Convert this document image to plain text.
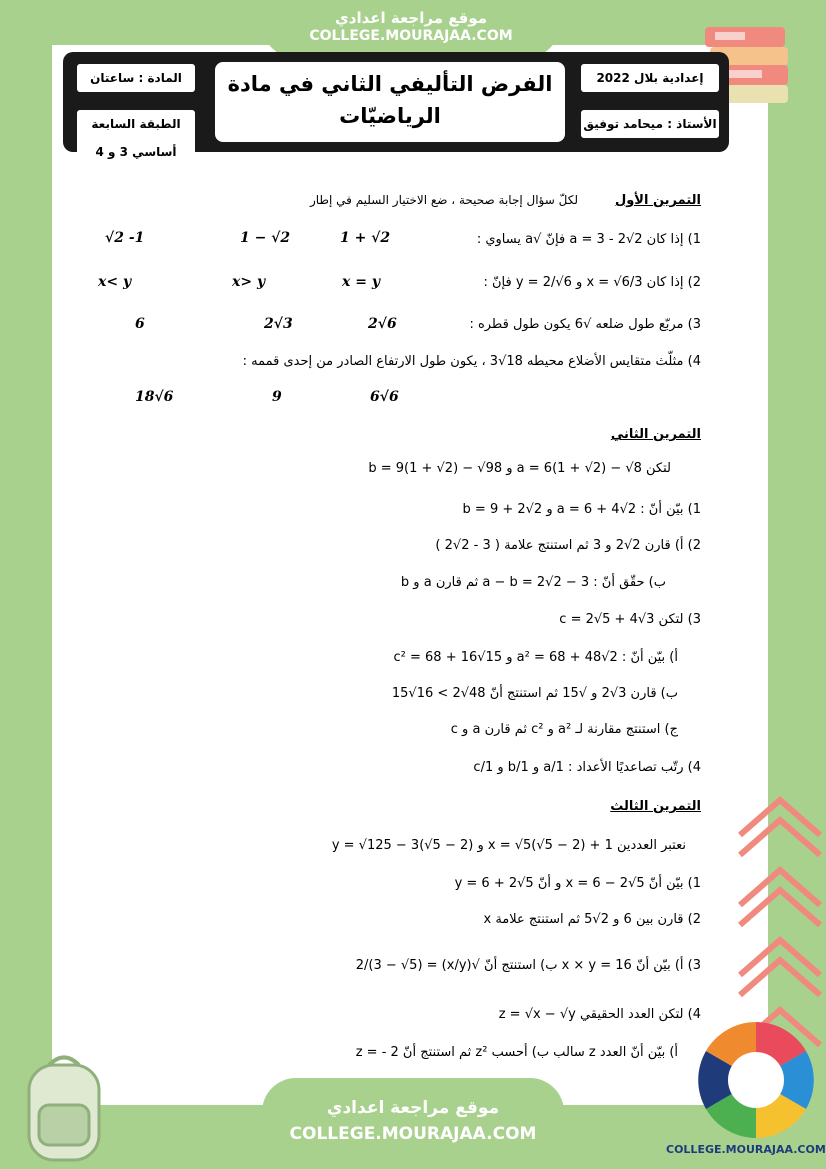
موقع مراجعة اعدادي
COLLEGE.MOURAJAA.COM
المادة : ساعتان
الطبقة السابعة أساسي 3 و 4
الفرض التأليفي الثاني في مادة
الرياضيّات
إعدادية بلال 2022
الأستاذ : ميحامد توفيق
التمرين الأول
لكلّ سؤال إجابة صحيحة ، ضع الاختيار السليم في إطار
1) إذا كان a = 3 - 2√2 فإنّ √a يساوي :
1 + √2
1 − √2
√2 -1
2) إذا كان x = √6/3 و y = 2/√6 فإنّ :
x = y
x> y
x< y
3) مربّع طول ضلعه √6 يكون طول قطره :
2√6
2√3
6
4) مثلّث متقايس الأضلاع محيطه 18√3 ، يكون طول الارتفاع الصادر من إحدى قممه :
6√6
9
18√6
التمرين الثاني
لتكن a = 6(1 + √2) − √8 و b = 9(1 + √2) − √98
1) بيّن أنّ : a = 6 + 4√2 و b = 9 + 2√2
2) أ) قارن 2√2 و 3 ثم استنتج علامة ( 3 - 2√2 )
ب) حقّق أنّ : a − b = 2√2 − 3 ثم قارن a و b
3) لتكن c = 2√5 + 4√3
أ) بيّن أنّ : a² = 68 + 48√2 و c² = 68 + 16√15
ب) قارن 3√2 و √15 ثم استنتج أنّ 48√2 > 16√15
ج) استنتج مقارنة لـ a² و c² ثم قارن a و c
4) رتّب تصاعديًا الأعداد : 1/a و 1/b و 1/c
التمرين الثالث
نعتبر العددين x = √5(√5 − 2) + 1 و y = √125 − 3(√5 − 2)
1) بيّن أنّ x = 6 − 2√5 و أنّ y = 6 + 2√5
2) قارن بين 6 و 2√5 ثم استنتج علامة x
3) أ) بيّن أنّ x × y = 16 ب) استنتج أنّ √(x/y) = (3 − √5)/2
4) لتكن العدد الحقيقي z = √x − √y
أ) بيّن أنّ العدد z سالب ب) أحسب z² ثم استنتج أنّ z = - 2
موقع مراجعة اعدادي
COLLEGE.MOURAJAA.COM
COLLEGE.MOURAJAA.COM
